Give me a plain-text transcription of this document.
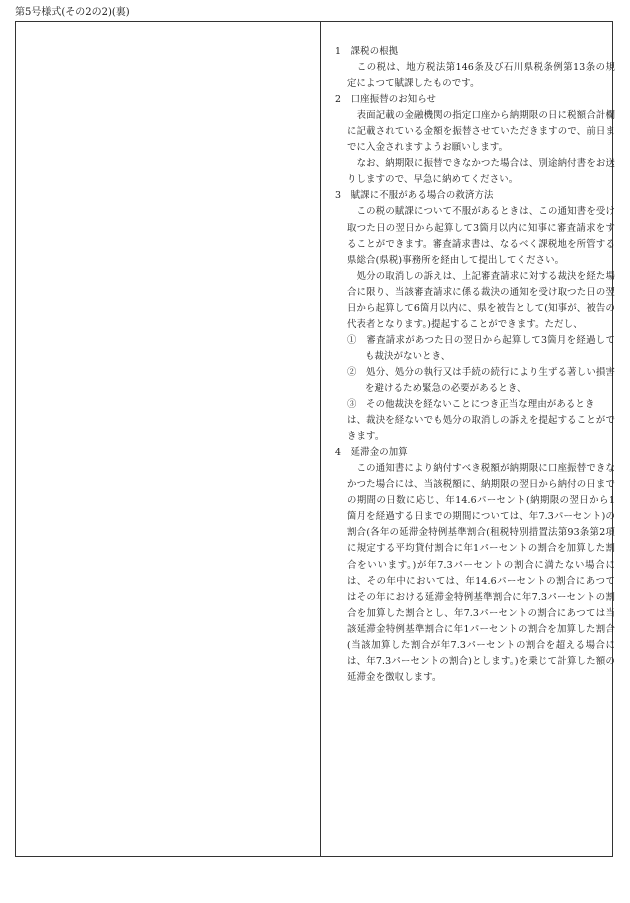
第5号様式(その2の2)(裏)

1　課税の根拠

　この税は、地方税法第146条及び石川県税条例第13条の規定によつて賦課したものです。

2　口座振替のお知らせ

　表面記載の金融機関の指定口座から納期限の日に税額合計欄に記載されている金額を振替させていただきますので、前日までに入金されますようお願いします。

　なお、納期限に振替できなかつた場合は、別途納付書をお送りしますので、早急に納めてください。

3　賦課に不服がある場合の救済方法

　この税の賦課について不服があるときは、この通知書を受け取つた日の翌日から起算して3箇月以内に知事に審査請求をすることができます。審査請求書は、なるべく課税地を所管する県総合(県税)事務所を経由して提出してください。

　処分の取消しの訴えは、上記審査請求に対する裁決を経た場合に限り、当該審査請求に係る裁決の通知を受け取つた日の翌日から起算して6箇月以内に、県を被告として(知事が、被告の代表者となります。)提起することができます。ただし、

①　審査請求があつた日の翌日から起算して3箇月を経過しても裁決がないとき、

②　処分、処分の執行又は手続の続行により生ずる著しい損害を避けるため緊急の必要があるとき、

③　その他裁決を経ないことにつき正当な理由があるとき

は、裁決を経ないでも処分の取消しの訴えを提起することができます。

4　延滞金の加算

　この通知書により納付すべき税額が納期限に口座振替できなかつた場合には、当該税額に、納期限の翌日から納付の日までの期間の日数に応じ、年14.6パーセント(納期限の翌日から1箇月を経過する日までの期間については、年7.3パーセント)の割合(各年の延滞金特例基準割合(租税特別措置法第93条第2項に規定する平均貸付割合に年1パーセントの割合を加算した割合をいいます。)が年7.3パーセントの割合に満たない場合には、その年中においては、年14.6パーセントの割合にあつてはその年における延滞金特例基準割合に年7.3パーセントの割合を加算した割合とし、年7.3パーセントの割合にあつては当該延滞金特例基準割合に年1パーセントの割合を加算した割合(当該加算した割合が年7.3パーセントの割合を超える場合には、年7.3パーセントの割合)とします。)を乗じて計算した額の延滞金を徴収します。
